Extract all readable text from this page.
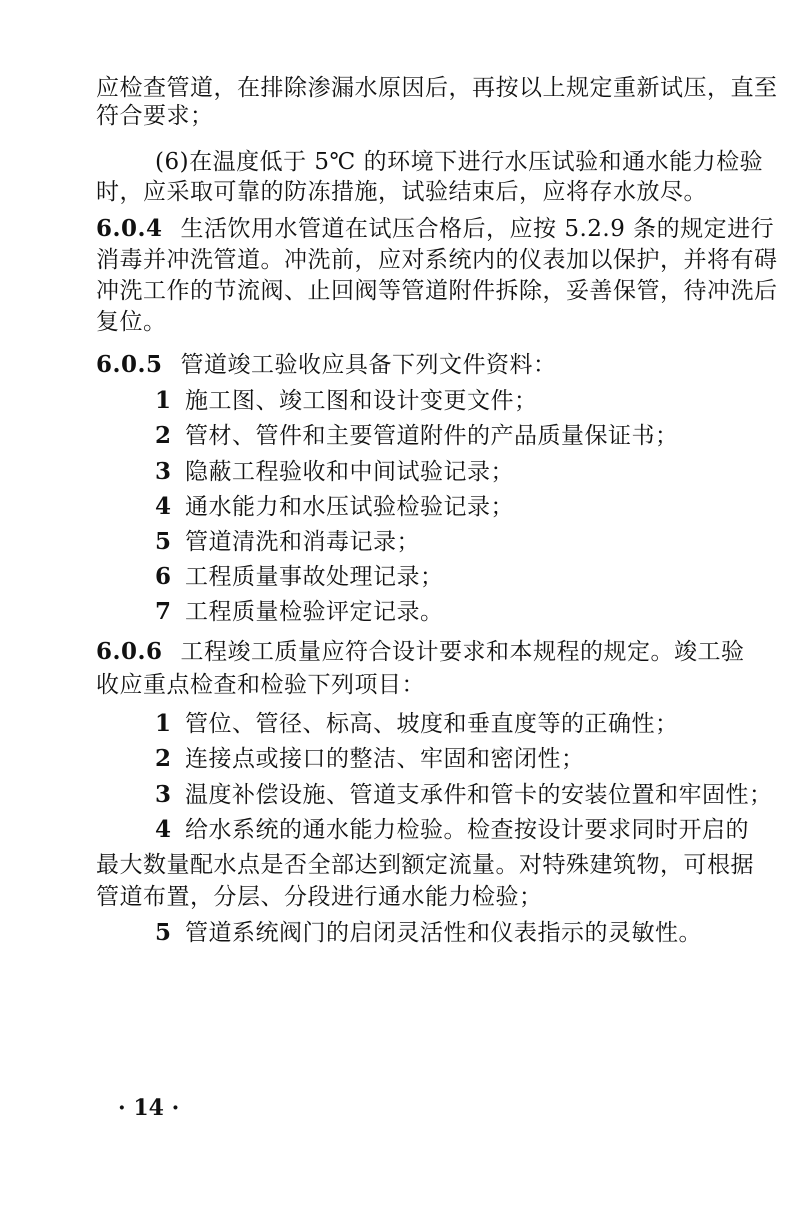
应检查管道，在排除渗漏水原因后，再按以上规定重新试压，直至
符合要求；
(6)在温度低于 5℃ 的环境下进行水压试验和通水能力检验
时，应采取可靠的防冻措施，试验结束后，应将存水放尽。
6.0.4 生活饮用水管道在试压合格后，应按 5.2.9 条的规定进行
消毒并冲洗管道。冲洗前，应对系统内的仪表加以保护，并将有碍
冲洗工作的节流阀、止回阀等管道附件拆除，妥善保管，待冲洗后
复位。
6.0.5 管道竣工验收应具备下列文件资料：
1 施工图、竣工图和设计变更文件；
2 管材、管件和主要管道附件的产品质量保证书；
3 隐蔽工程验收和中间试验记录；
4 通水能力和水压试验检验记录；
5 管道清洗和消毒记录；
6 工程质量事故处理记录；
7 工程质量检验评定记录。
6.0.6 工程竣工质量应符合设计要求和本规程的规定。竣工验
收应重点检查和检验下列项目：
1 管位、管径、标高、坡度和垂直度等的正确性；
2 连接点或接口的整洁、牢固和密闭性；
3 温度补偿设施、管道支承件和管卡的安装位置和牢固性；
4 给水系统的通水能力检验。检查按设计要求同时开启的
最大数量配水点是否全部达到额定流量。对特殊建筑物，可根据
管道布置，分层、分段进行通水能力检验；
5 管道系统阀门的启闭灵活性和仪表指示的灵敏性。
· 14 ·
